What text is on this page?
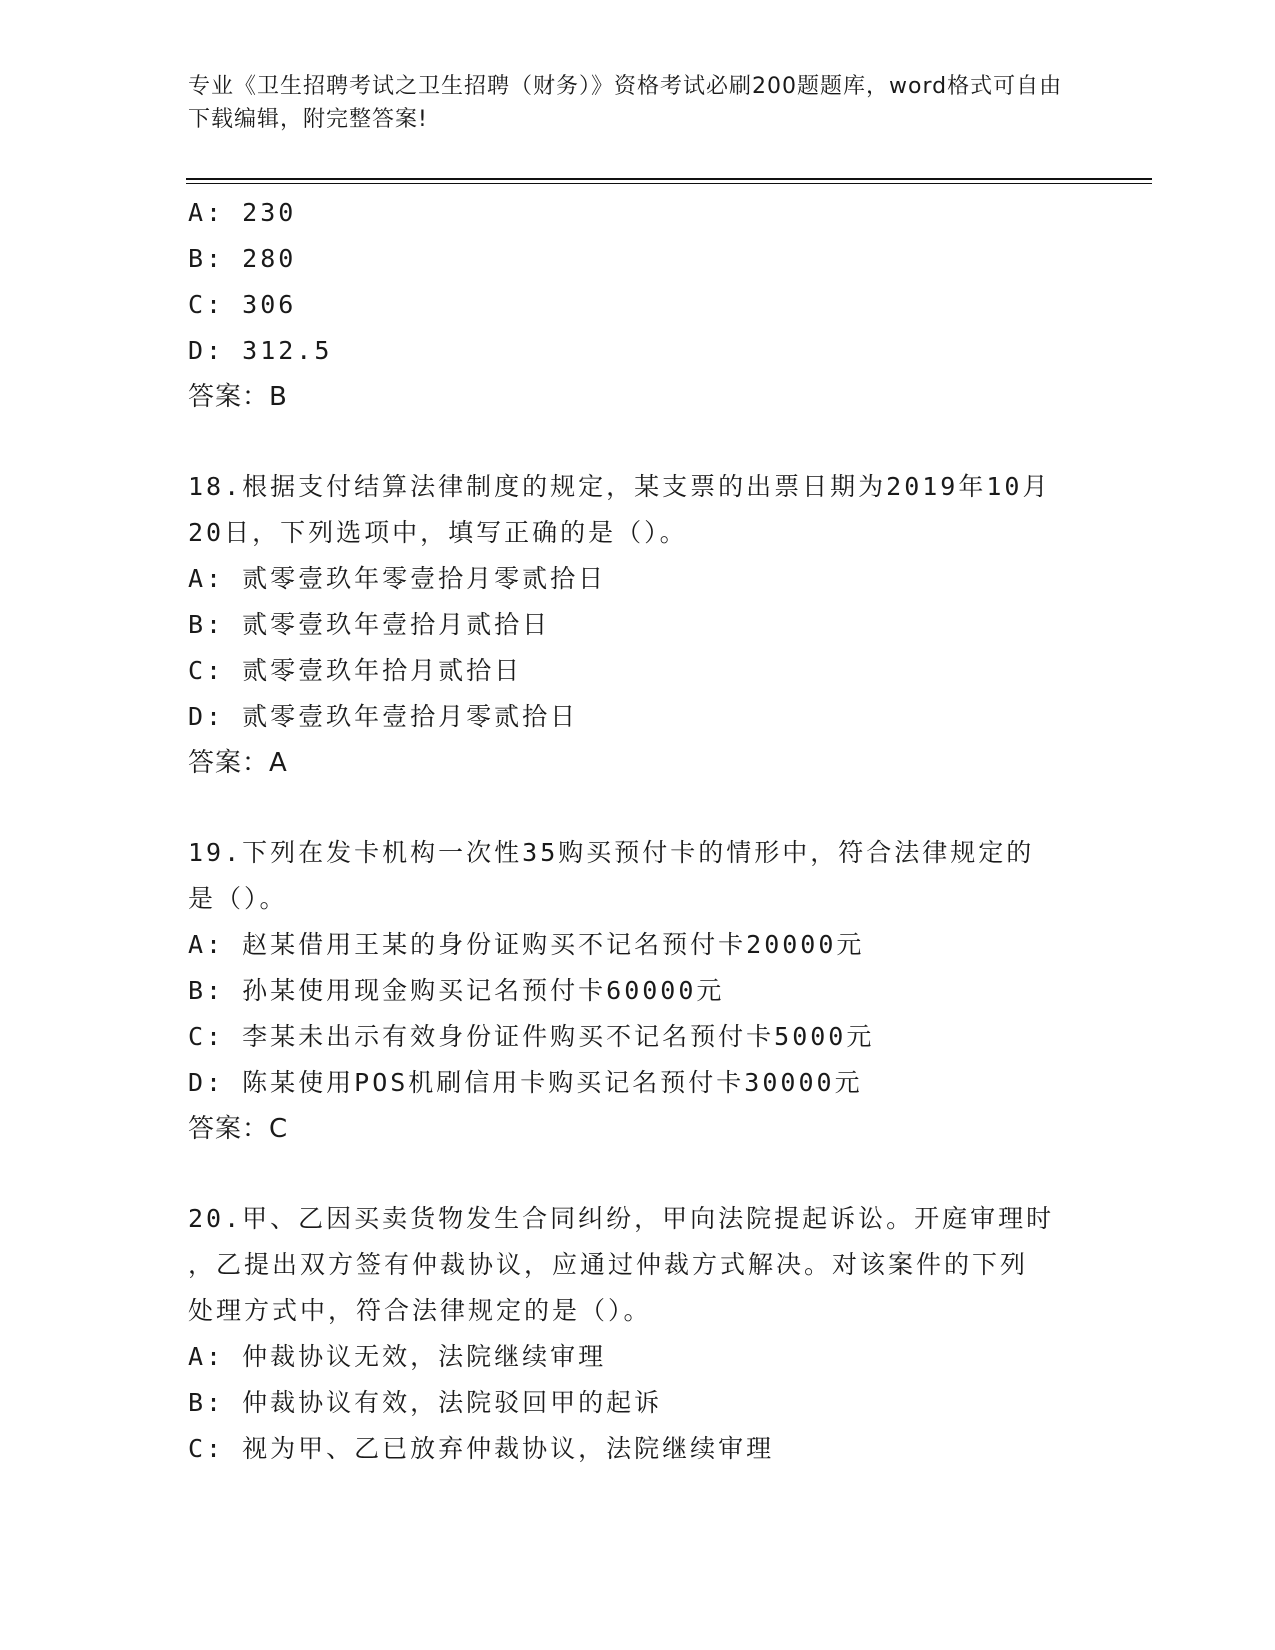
专业《卫生招聘考试之卫生招聘（财务）》资格考试必刷200题题库，word格式可自由下载编辑，附完整答案!
A: 230
B: 280
C: 306
D: 312.5
答案：B
18.根据支付结算法律制度的规定，某支票的出票日期为2019年10月
20日，下列选项中，填写正确的是（）。
A: 贰零壹玖年零壹拾月零贰拾日
B: 贰零壹玖年壹拾月贰拾日
C: 贰零壹玖年拾月贰拾日
D: 贰零壹玖年壹拾月零贰拾日
答案：A
19.下列在发卡机构一次性35购买预付卡的情形中，符合法律规定的
是（）。
A: 赵某借用王某的身份证购买不记名预付卡20000元
B: 孙某使用现金购买记名预付卡60000元
C: 李某未出示有效身份证件购买不记名预付卡5000元
D: 陈某使用POS机刷信用卡购买记名预付卡30000元
答案：C
20.甲、乙因买卖货物发生合同纠纷，甲向法院提起诉讼。开庭审理时
，乙提出双方签有仲裁协议，应通过仲裁方式解决。对该案件的下列
处理方式中，符合法律规定的是（）。
A: 仲裁协议无效，法院继续审理
B: 仲裁协议有效，法院驳回甲的起诉
C: 视为甲、乙已放弃仲裁协议，法院继续审理
